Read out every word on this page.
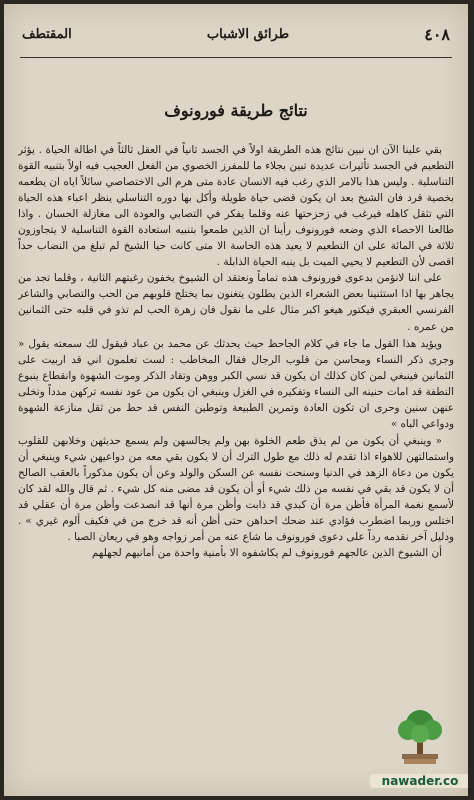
٤٠٨
طرائق الاشباب
المقتطف
نتائج طريقة فورونوف

بقي علينا الآن ان نبين نتائج هذه الطريقة اولاً في الجسد ثانياً في العقل ثالثاً في اطالة الحياة . يؤثر التطعيم في الجسد تأثيرات عديدة تبين بجلاء ما للمفرز الخصوي من الفعل العجيب فيه اولاً بتنبيه القوة التناسلية . وليس هذا بالامر الذي رغب فيه الانسان عادة متى هرم الى الاختصاصي سائلاً اياه ان يطعمه بخصية قرد فان الشيخ بعد ان يكون قضى حياة طويلة وأكل بها دوره التناسلي ينظر اعباء هذه الحياة التي تثقل كاهله فيرغب في زحزحتها عنه وقلما يفكر في التصابي والعودة الى مغازلة الحسان . واذا طالعنا الاحصاء الذي وضعه فورونوف رأينا ان الذين طمعوا بتنبيه استعادة القوة التناسلية لا يتجاوزون ثلاثة في المائة على ان التطعيم لا يعيد هذه الحاسة الا متى كانت حيا الشيخ لم تبلغ من النضاب حداً اقصى لأن التطعيم لا يحيي الميت بل ينبه الحياة الذابلة .

على اننا لانؤمن بدعوى فورونوف هذه تماماً ونعتقد ان الشيوخ يخفون رغبتهم الثانية ، وقلما تجد من يجاهر بها اذا استثنينا بعض الشعراء الذين يطلون يتغنون بما يختلج قلوبهم من الحب والتصابي والشاعر الفرنسي العبقري فيكتور هيغو اكبر مثال على ما نقول فان زهرة الحب لم تذو في قلبه حتى الثمانين من عمره .

ويؤيد هذا القول ما جاء في كلام الجاحظ حيث يحدثك عن محمد بن عباد فيقول لك سمعته يقول « وجرى ذكر النساء ومحاسن من قلوب الرجال فقال المخاطب : لست تعلمون اني قد اربيت على الثمانين فينبغي لمن كان كذلك ان يكون قد نسي الكبر ووهن وتقاد الذكر وموت الشهوة وانقطاع ينبوع النطفة قد امات حنينه الى النساء وتفكيره في الغزل وينبغي ان يكون من عود نفسه تركهن مدداً وتخلى عنهن سنين وحرى ان تكون العادة وتمرين الطبيعة وتوطين النفس قد حط من ثقل منازعة الشهوة ودواعي الباه »

« وينبغي أن يكون من لم يذق طعم الخلوة بهن ولم يجالسهن ولم يسمع حديثهن وخلابهن للقلوب واستمالتهن للاهواء اذا تقدم له ذلك مع طول الترك أن لا يكون بقي معه من دواعيهن شيء وينبغي أن يكون من دعاة الزهد في الدنيا وسنحت نفسه عن السكن والولد وعن أن يكون مذكوراً بالعقب الصالح أن لا يكون قد بقي في نفسه من ذلك شيء أو أن يكون قد مضى منه كل شيء . ثم قال والله لقد كان لأسمع نغمة المرأة فأظن مرة أن كبدي قد ذابت وأظن مرة أنها قد انصدعت وأظن مرة أن عقلي قد اختلس وربما اضطرب فؤادي عند ضحك احداهن حتى أظن أنه قد خرج من في فكيف ألوم غيري » . ودليل آخر نقدمه رداً على دعوى فورونوف ما شاع عنه من أمر زواجه وهو في ريعان الصبا .

أن الشيوخ الذين عالجهم فورونوف لم يكاشفوه الا بأمنية واحدة من أمانيهم لجهلهم

nawader.co
